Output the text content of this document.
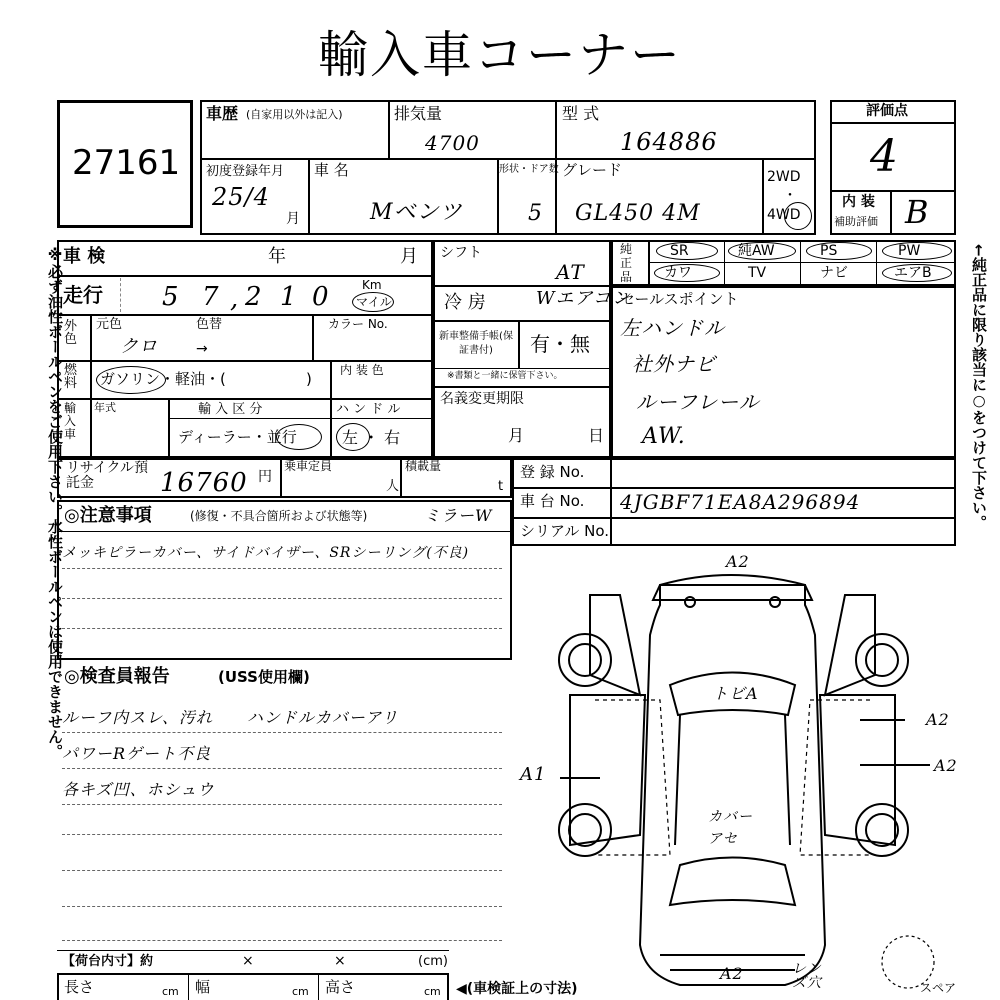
輸入車コーナー
27161
車歴 (自家用以外は記入)	排気量
4700
型 式
164886
初度登録年月
25/4
月
車 名
Mベンツ
形状・ドア数
5
グレード
GL450 4M
2WD
・
4WD
評価点
4
内 装
補助評価 B
車 検	年	月
走行 5 7 , 2 1 0	Km
マイル
外色
元色	色替	カラー No.
クロ	→
燃料	ガソリン・軽油・(	) 内 装 色
輸入車
年式	輸 入 区 分
ディーラー・並行
ハ ン ド ル
左 ・ 右
シフト
AT
冷 房	Wエアコン
新車整備手帳(保証書付)	有・無
※書類と一緒に保管下さい。
名義変更期限
月	日
純正品
SR	純AW	PS	PW
カワ	TV	ナビ	エアB
セールスポイント
左ハンドル
社外ナビ
ルーフレール
AW.
リサイクル預託金	16760 円
乗車定員
人
積載量
t
登 録 No.
車 台 No. 4JGBF71EA8A296894
シリアル No.
◎注意事項	(修復・不具合箇所および状態等)	ミラーW
メッキピラーカバー、サイドバイザー、SRシーリング(不良)
◎検査員報告	(USS使用欄)
ルーフ内スレ、汚れ　　ハンドルカバーアリ
パワーRゲート不良
各キズ凹、ホシュウ
A2
A2
A2
A1
トビA
カバーアセ
A2	レンズ穴	スペア
【荷台内寸】約	×	×	(cm)
長さ	cm 幅	cm 高さ	cm ◀(車検証上の寸法)
※必ず油性ボールペンをご使用下さい。水性ボールペンは使用できません。	←純正品に限り該当に○をつけて下さい。
